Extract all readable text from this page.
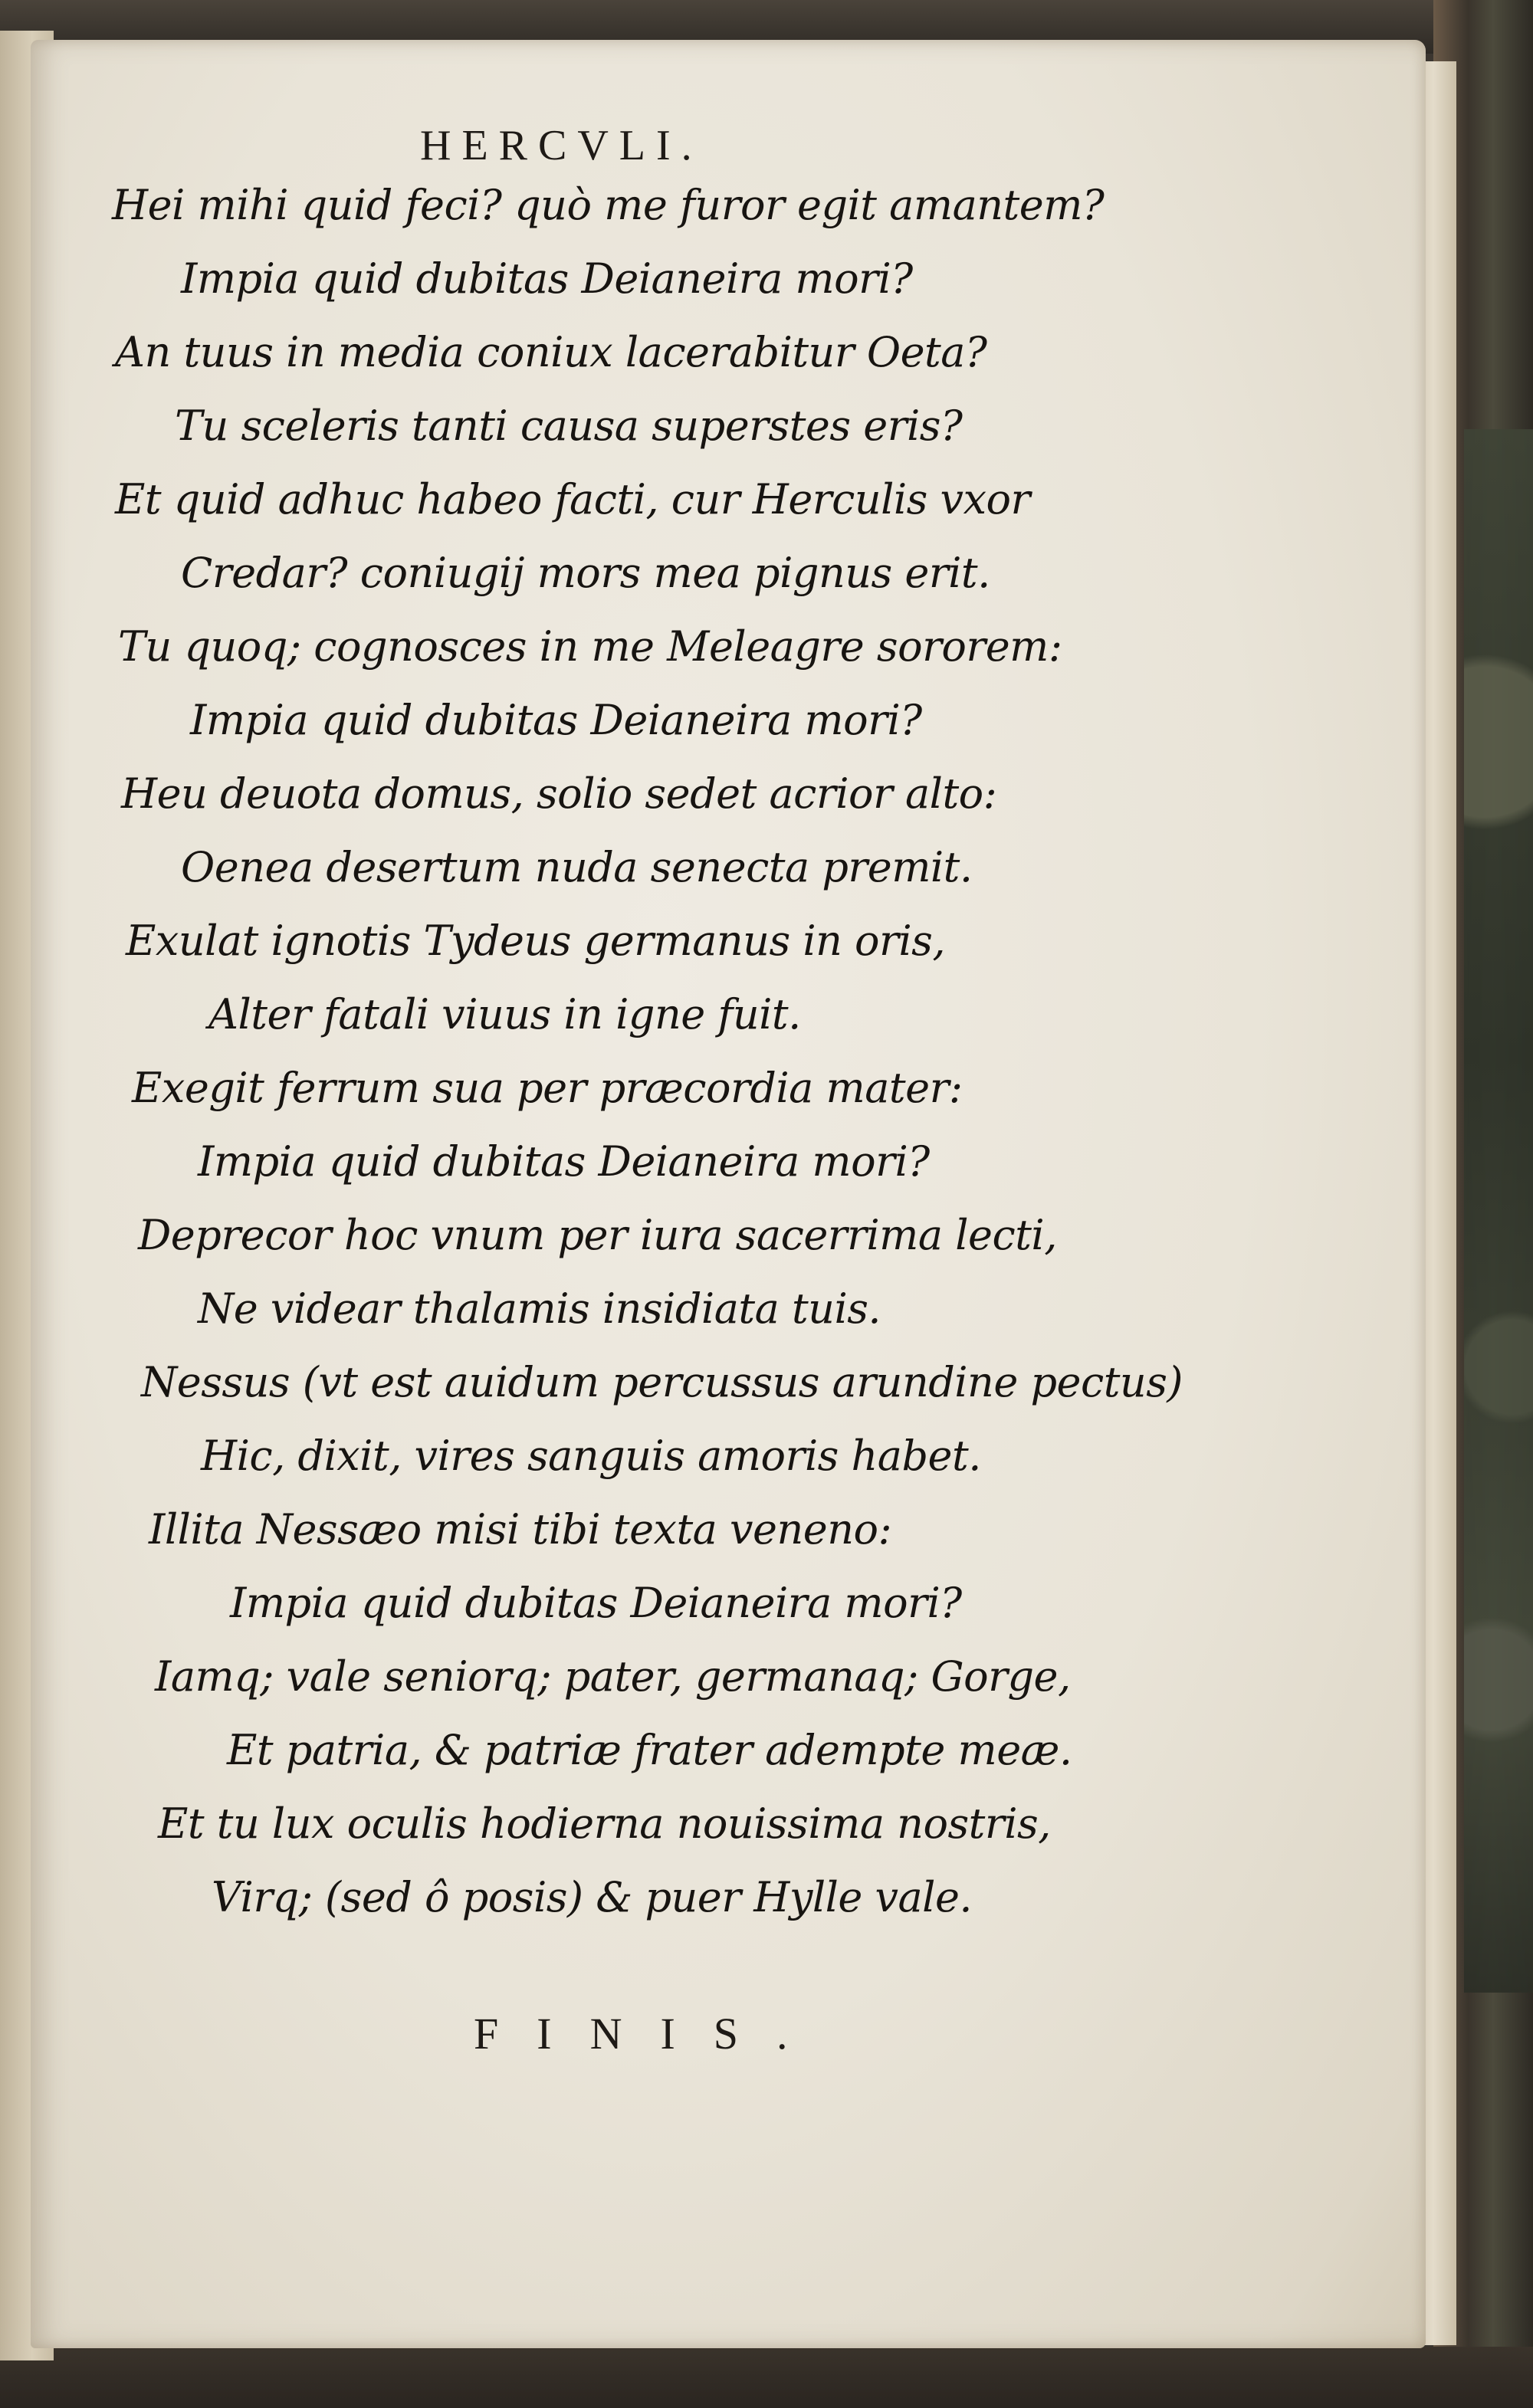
HERCVLI.
Hei mihi quid feci? quò me furor egit amantem?
Impia quid dubitas Deianeira mori?
An tuus in media coniux lacerabitur Oeta?
Tu sceleris tanti causa superstes eris?
Et quid adhuc habeo facti, cur Herculis vxor
Credar? coniugij mors mea pignus erit.
Tu quoq; cognosces in me Meleagre sororem:
Impia quid dubitas Deianeira mori?
Heu deuota domus, solio sedet acrior alto:
Oenea desertum nuda senecta premit.
Exulat ignotis Tydeus germanus in oris,
Alter fatali viuus in igne fuit.
Exegit ferrum sua per præcordia mater:
Impia quid dubitas Deianeira mori?
Deprecor hoc vnum per iura sacerrima lecti,
Ne videar thalamis insidiata tuis.
Nessus (vt est auidum percussus arundine pectus)
Hic, dixit, vires sanguis amoris habet.
Illita Nessæo misi tibi texta veneno:
Impia quid dubitas Deianeira mori?
Iamq; vale seniorq; pater, germanaq; Gorge,
Et patria, & patriæ frater adempte meæ.
Et tu lux oculis hodierna nouissima nostris,
Virq; (sed ô posis) & puer Hylle vale.
FINIS.
